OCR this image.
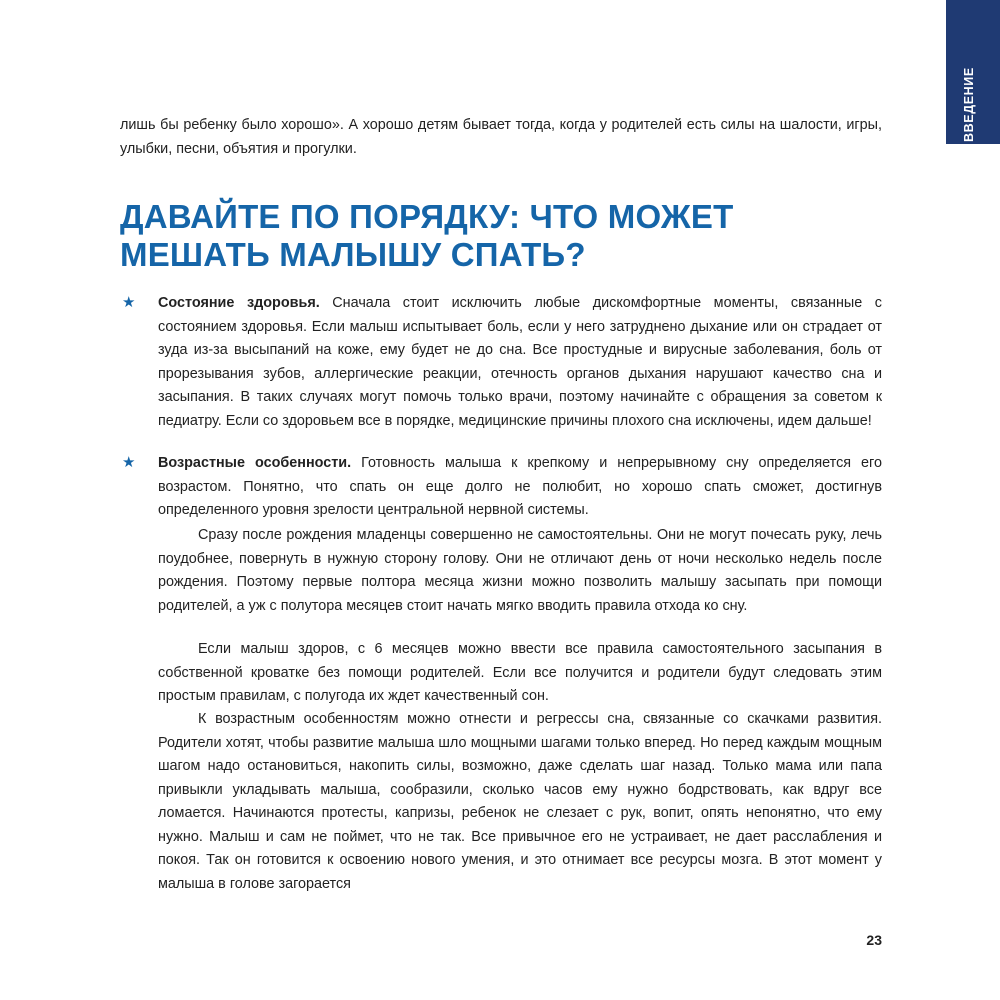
ВВЕДЕНИЕ

лишь бы ребенку было хорошо». А хорошо детям бывает тогда, когда у родителей есть силы на шалости, игры, улыбки, песни, объятия и прогулки.

ДАВАЙТЕ ПО ПОРЯДКУ: ЧТО МОЖЕТ
МЕШАТЬ МАЛЫШУ СПАТЬ?
★ Состояние здоровья. Сначала стоит исключить любые дискомфортные моменты, связанные с состоянием здоровья. Если малыш испытывает боль, если у него затруднено дыхание или он страдает от зуда из-за высыпаний на коже, ему будет не до сна. Все простудные и вирусные заболевания, боль от прорезывания зубов, аллергические реакции, отечность органов дыхания нарушают качество сна и засыпания. В таких случаях могут помочь только врачи, поэтому начинайте с обращения за советом к педиатру. Если со здоровьем все в порядке, медицинские причины плохого сна исключены, идем дальше!

★ Возрастные особенности. Готовность малыша к крепкому и непрерывному сну определяется его возрастом. Понятно, что спать он еще долго не полюбит, но хорошо спать сможет, достигнув определенного уровня зрелости центральной нервной системы.

Сразу после рождения младенцы совершенно не самостоятельны. Они не могут почесать руку, лечь поудобнее, повернуть в нужную сторону голову. Они не отличают день от ночи несколько недель после рождения. Поэтому первые полтора месяца жизни можно позволить малышу засыпать при помощи родителей, а уж с полутора месяцев стоит начать мягко вводить правила отхода ко сну.

Если малыш здоров, с 6 месяцев можно ввести все правила самостоятельного засыпания в собственной кроватке без помощи родителей. Если все получится и родители будут следовать этим простым правилам, с полугода их ждет качественный сон.

К возрастным особенностям можно отнести и регрессы сна, связанные со скачками развития. Родители хотят, чтобы развитие малыша шло мощными шагами только вперед. Но перед каждым мощным шагом надо остановиться, накопить силы, возможно, даже сделать шаг назад. Только мама или папа привыкли укладывать малыша, сообразили, сколько часов ему нужно бодрствовать, как вдруг все ломается. Начинаются протесты, капризы, ребенок не слезает с рук, вопит, опять непонятно, что ему нужно. Малыш и сам не поймет, что не так. Все привычное его не устраивает, не дает расслабления и покоя. Так он готовится к освоению нового умения, и это отнимает все ресурсы мозга. В этот момент у малыша в голове загорается

23
